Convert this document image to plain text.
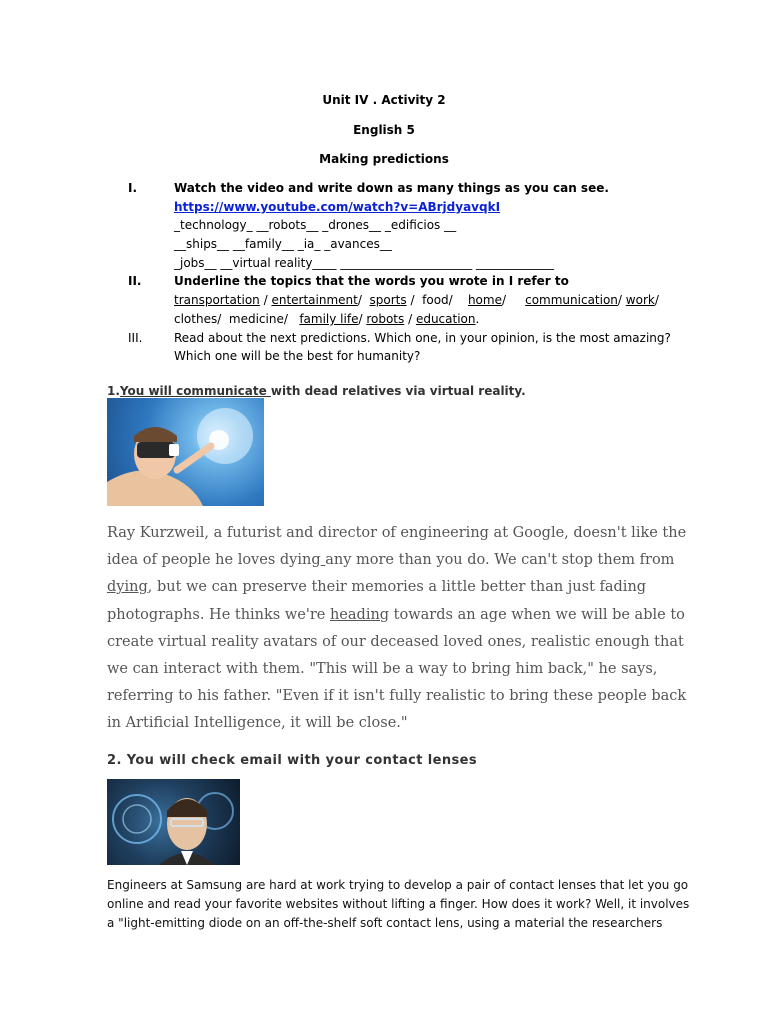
Unit IV . Activity 2
English 5
Making predictions
I.	Watch the video and write down as many things as you can see.
https://www.youtube.com/watch?v=ABrjdyavqkI
_technology_ __robots__ _drones__ _edificios __
__ships__ __family__ _ia_ _avances__
_jobs__ __virtual reality____ ______________________ _____________
II.	Underline the topics that the words you wrote in I refer to
transportation / entertainment/  sports /  food/    home/     communication/ work/
clothes/  medicine/   family life/ robots / education.
III.	Read about the next predictions. Which one, in your opinion, is the most amazing?
Which one will be the best for humanity?
1.You will communicate with dead relatives via virtual reality.

Ray Kurzweil, a futurist and director of engineering at Google, doesn't like the

idea of people he loves dying any more than you do. We can't stop them from

dying, but we can preserve their memories a little better than just fading

photographs. He thinks we're heading towards an age when we will be able to

create virtual reality avatars of our deceased loved ones, realistic enough that

we can interact with them. "This will be a way to bring him back," he says,

referring to his father. "Even if it isn't fully realistic to bring these people back

in Artificial Intelligence, it will be close."

2. You will check email with your contact lenses

Engineers at Samsung are hard at work trying to develop a pair of contact lenses that let you go

online and read your favorite websites without lifting a finger. How does it work? Well, it involves

a "light-emitting diode on an off-the-shelf soft contact lens, using a material the researchers
